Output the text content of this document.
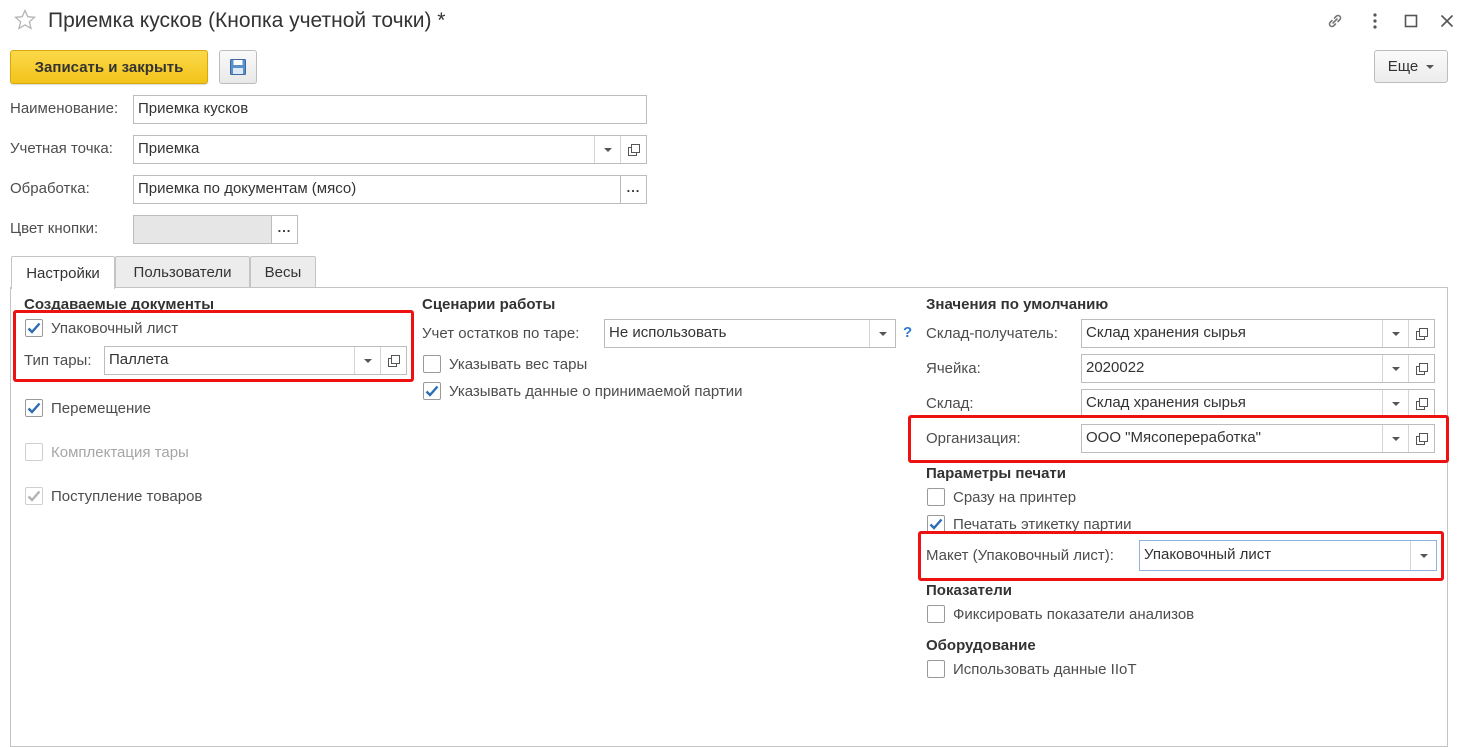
Приемка кусков (Кнопка учетной точки) *
Записать и закрыть	Еще
Наименование: Приемка кусков
Учетная точка: Приемка
Обработка:	Приемка по документам (мясо)	...
Цвет кнопки:	...
Настройки	Пользователи	Весы
Создаваемые документы
Упаковочный лист
Тип тары: Паллета
Перемещение
Комплектация тары
Поступление товаров
Сценарии работы
Учет остатков по таре: Не использовать	?
Указывать вес тары
Указывать данные о принимаемой партии
Значения по умолчанию
Склад-получатель: Склад хранения сырья
Ячейка:	2020022
Склад:	Склад хранения сырья
Организация:	ООО "Мясопереработка"
Параметры печати
Сразу на принтер
Печатать этикетку партии
Макет (Упаковочный лист): Упаковочный лист
Показатели
Фиксировать показатели анализов
Оборудование
Использовать данные IIoT
